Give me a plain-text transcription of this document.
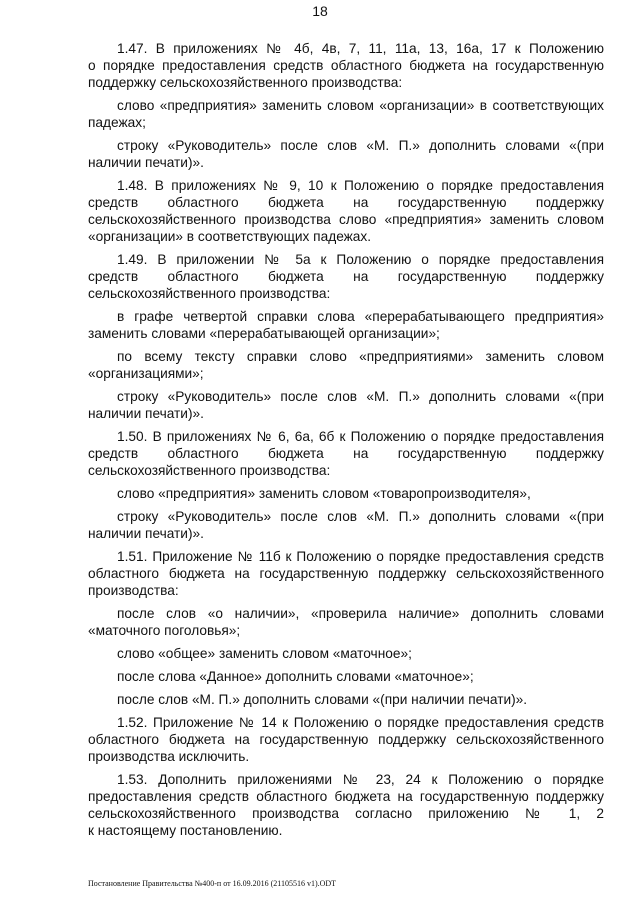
18
1.47. В приложениях № 4б, 4в, 7, 11, 11а, 13, 16а, 17 к Положению
о порядке предоставления средств областного бюджета на государственную
поддержку сельскохозяйственного производства:
слово «предприятия» заменить словом «организации» в соответствующих
падежах;
строку «Руководитель» после слов «М. П.» дополнить словами «(при
наличии печати)».
1.48. В приложениях № 9, 10 к Положению о порядке предоставления
средств областного бюджета на государственную поддержку
сельскохозяйственного производства слово «предприятия» заменить словом
«организации» в соответствующих падежах.
1.49. В приложении № 5а к Положению о порядке предоставления
средств областного бюджета на государственную поддержку
сельскохозяйственного производства:
в графе четвертой справки слова «перерабатывающего предприятия»
заменить словами «перерабатывающей организации»;
по всему тексту справки слово «предприятиями» заменить словом
«организациями»;
строку «Руководитель» после слов «М. П.» дополнить словами «(при
наличии печати)».
1.50. В приложениях № 6, 6а, 6б к Положению о порядке предоставления
средств областного бюджета на государственную поддержку
сельскохозяйственного производства:
слово «предприятия» заменить словом «товаропроизводителя»,
строку «Руководитель» после слов «М. П.» дополнить словами «(при
наличии печати)».
1.51. Приложение № 11б к Положению о порядке предоставления средств
областного бюджета на государственную поддержку сельскохозяйственного
производства:
после слов «о наличии», «проверила наличие» дополнить словами
«маточного поголовья»;
слово «общее» заменить словом «маточное»;
после слова «Данное» дополнить словами «маточное»;
после слов «М. П.» дополнить словами «(при наличии печати)».
1.52. Приложение № 14 к Положению о порядке предоставления средств
областного бюджета на государственную поддержку сельскохозяйственного
производства исключить.
1.53. Дополнить приложениями № 23, 24 к Положению о порядке
предоставления средств областного бюджета на государственную поддержку
сельскохозяйственного производства согласно приложению № 1, 2
к настоящему постановлению.
Постановление Правительства №400-п от 16.09.2016 (21105516 v1).ODT
